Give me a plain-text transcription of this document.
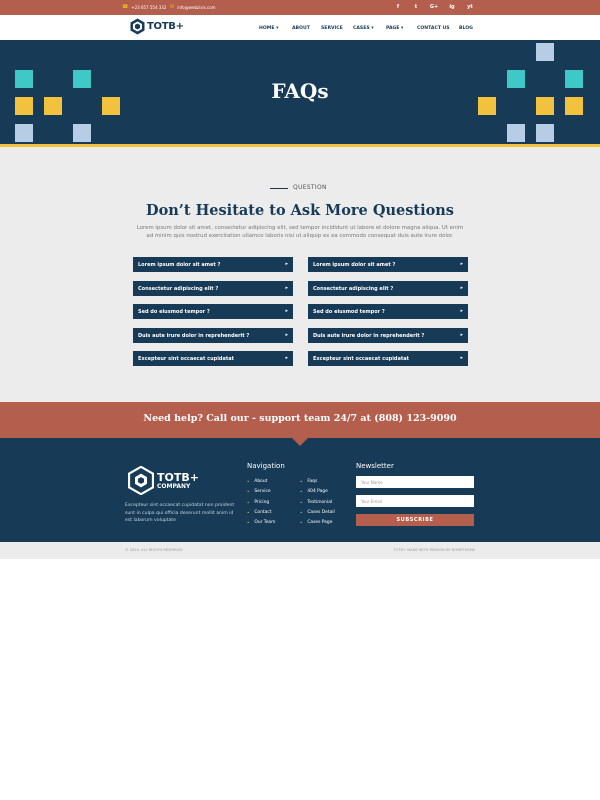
☎ +23 657 554 332 ✉ info@webzixis.com	f	t	G+ ig	yt
TOTB+	HOME ▾	ABOUT SERVICE CASES ▾	PAGE ▾	CONTACT US BLOG
FAQs
QUESTION
Don’t Hesitate to Ask More Questions
Lorem ipsum dolor sit amet, consectetur adipiscing elit, sed tempor incididunt ut labore et dolore magna aliqua. Ut enim ad minim quis nostrud exercitation ullamco laboris nisi ut aliquip ex ea commodo consequat duis aute irure dolor.
Lorem ipsum dolor sit amet ?	▸
Consectetur adipiscing elit ?	▸
Sed do eiusmod tempor ?	▸
Duis aute irure dolor in reprehenderit ?	▸
Excepteur sint occaecat cupidatat	▸
Lorem ipsum dolor sit amet ?	▸
Consectetur adipiscing elit ?	▸
Sed do eiusmod tempor ?	▸
Duis aute irure dolor in reprehenderit ?	▸
Excepteur sint occaecat cupidatat	▸
Need help? Call our - support team 24/7 at (808) 123-9090
TOTB+
COMPANY
Excepteur sint occaecat cupidatat non proident sunt in culpa qui officia deserunt mollit anim id est laborum voluptate
Navigation
• About
• Service
• Pricing
• Contact
• Our Team
• Faqs
• 404 Page
• Testimonial
• Cases Detail
• Cases Page
Newsletter
Your Name
Your Email
SUBSCRIBE
© 2020. ALL RIGHTS RESERVED	TOTB+ MADE WITH PASSION BY ROMETHEME
